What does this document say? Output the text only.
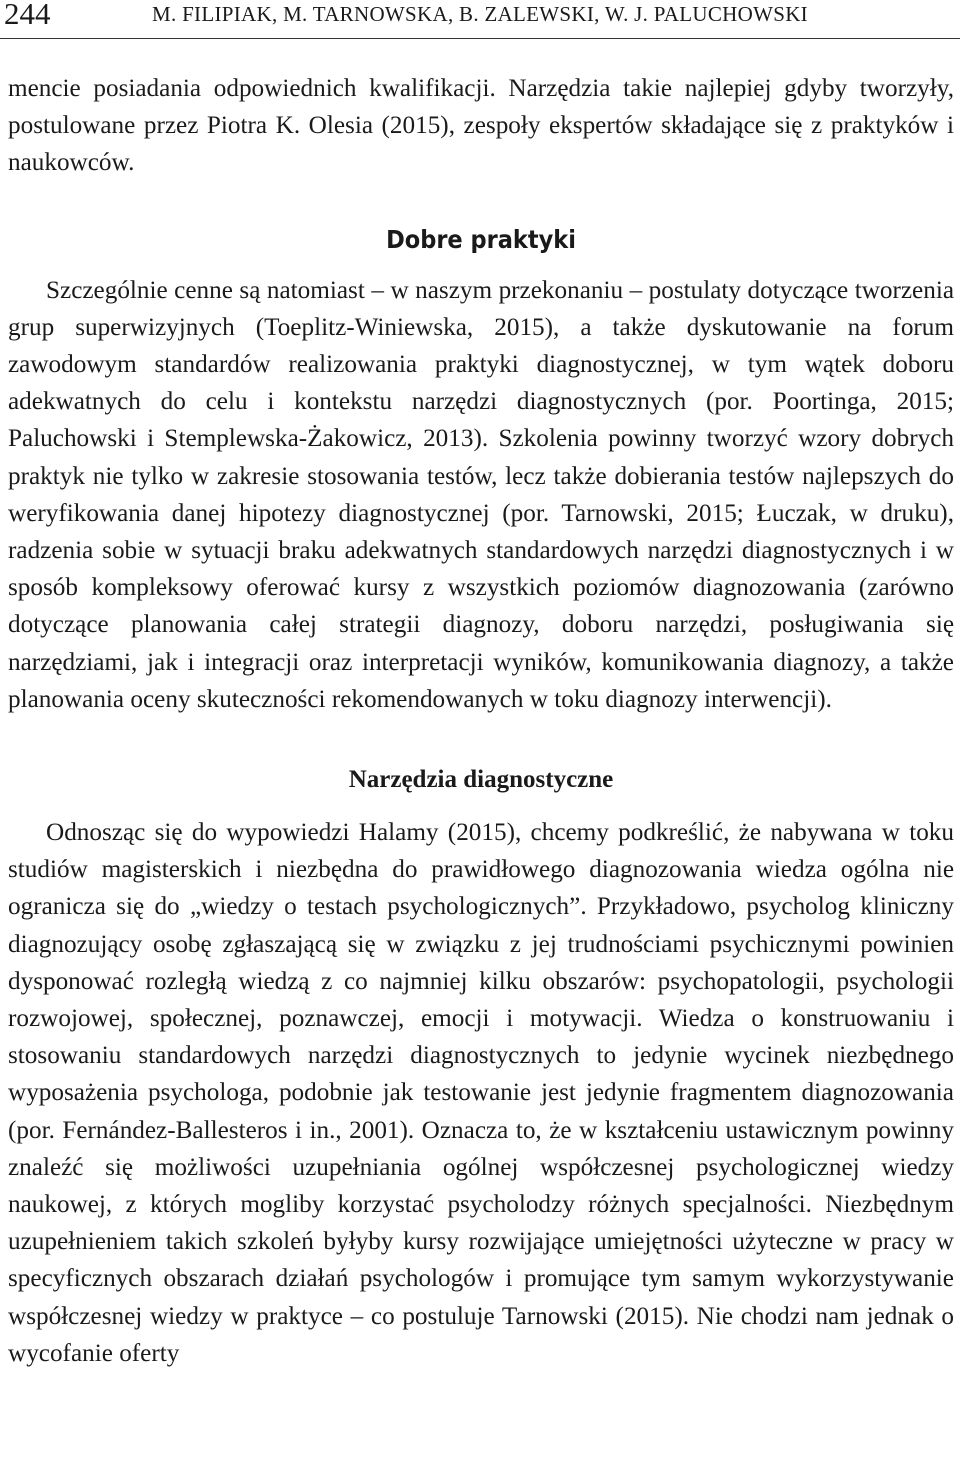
244	M. FILIPIAK, M. TARNOWSKA, B. ZALEWSKI, W. J. PALUCHOWSKI

mencie posiadania odpowiednich kwalifikacji. Narzędzia takie najlepiej gdyby tworzyły, postulowane przez Piotra K. Olesia (2015), zespoły ekspertów składające się z praktyków i naukowców.

Dobre praktyki

Szczególnie cenne są natomiast – w naszym przekonaniu – postulaty dotyczące tworzenia grup superwizyjnych (Toeplitz-Winiewska, 2015), a także dyskutowanie na forum zawodowym standardów realizowania praktyki diagnostycznej, w tym wątek doboru adekwatnych do celu i kontekstu narzędzi diagnostycznych (por. Poortinga, 2015; Paluchowski i Stemplewska-Żakowicz, 2013). Szkolenia powinny tworzyć wzory dobrych praktyk nie tylko w zakresie stosowania testów, lecz także dobierania testów najlepszych do weryfikowania danej hipotezy diagnostycznej (por. Tarnowski, 2015; Łuczak, w druku), radzenia sobie w sytuacji braku adekwatnych standardowych narzędzi diagnostycznych i w sposób kompleksowy oferować kursy z wszystkich poziomów diagnozowania (zarówno dotyczące planowania całej strategii diagnozy, doboru narzędzi, posługiwania się narzędziami, jak i integracji oraz interpretacji wyników, komunikowania diagnozy, a także planowania oceny skuteczności rekomendowanych w toku diagnozy interwencji).

Narzędzia diagnostyczne

Odnosząc się do wypowiedzi Halamy (2015), chcemy podkreślić, że nabywana w toku studiów magisterskich i niezbędna do prawidłowego diagnozowania wiedza ogólna nie ogranicza się do „wiedzy o testach psychologicznych”. Przykładowo, psycholog kliniczny diagnozujący osobę zgłaszającą się w związku z jej trudnościami psychicznymi powinien dysponować rozległą wiedzą z co najmniej kilku obszarów: psychopatologii, psychologii rozwojowej, społecznej, poznawczej, emocji i motywacji. Wiedza o konstruowaniu i stosowaniu standardowych narzędzi diagnostycznych to jedynie wycinek niezbędnego wyposażenia psychologa, podobnie jak testowanie jest jedynie fragmentem diagnozowania (por. Fernández-Ballesteros i in., 2001). Oznacza to, że w kształceniu ustawicznym powinny znaleźć się możliwości uzupełniania ogólnej współczesnej psychologicznej wiedzy naukowej, z których mogliby korzystać psycholodzy różnych specjalności. Niezbędnym uzupełnieniem takich szkoleń byłyby kursy rozwijające umiejętności użyteczne w pracy w specyficznych obszarach działań psychologów i promujące tym samym wykorzystywanie współczesnej wiedzy w praktyce – co postuluje Tarnowski (2015). Nie chodzi nam jednak o wycofanie oferty
